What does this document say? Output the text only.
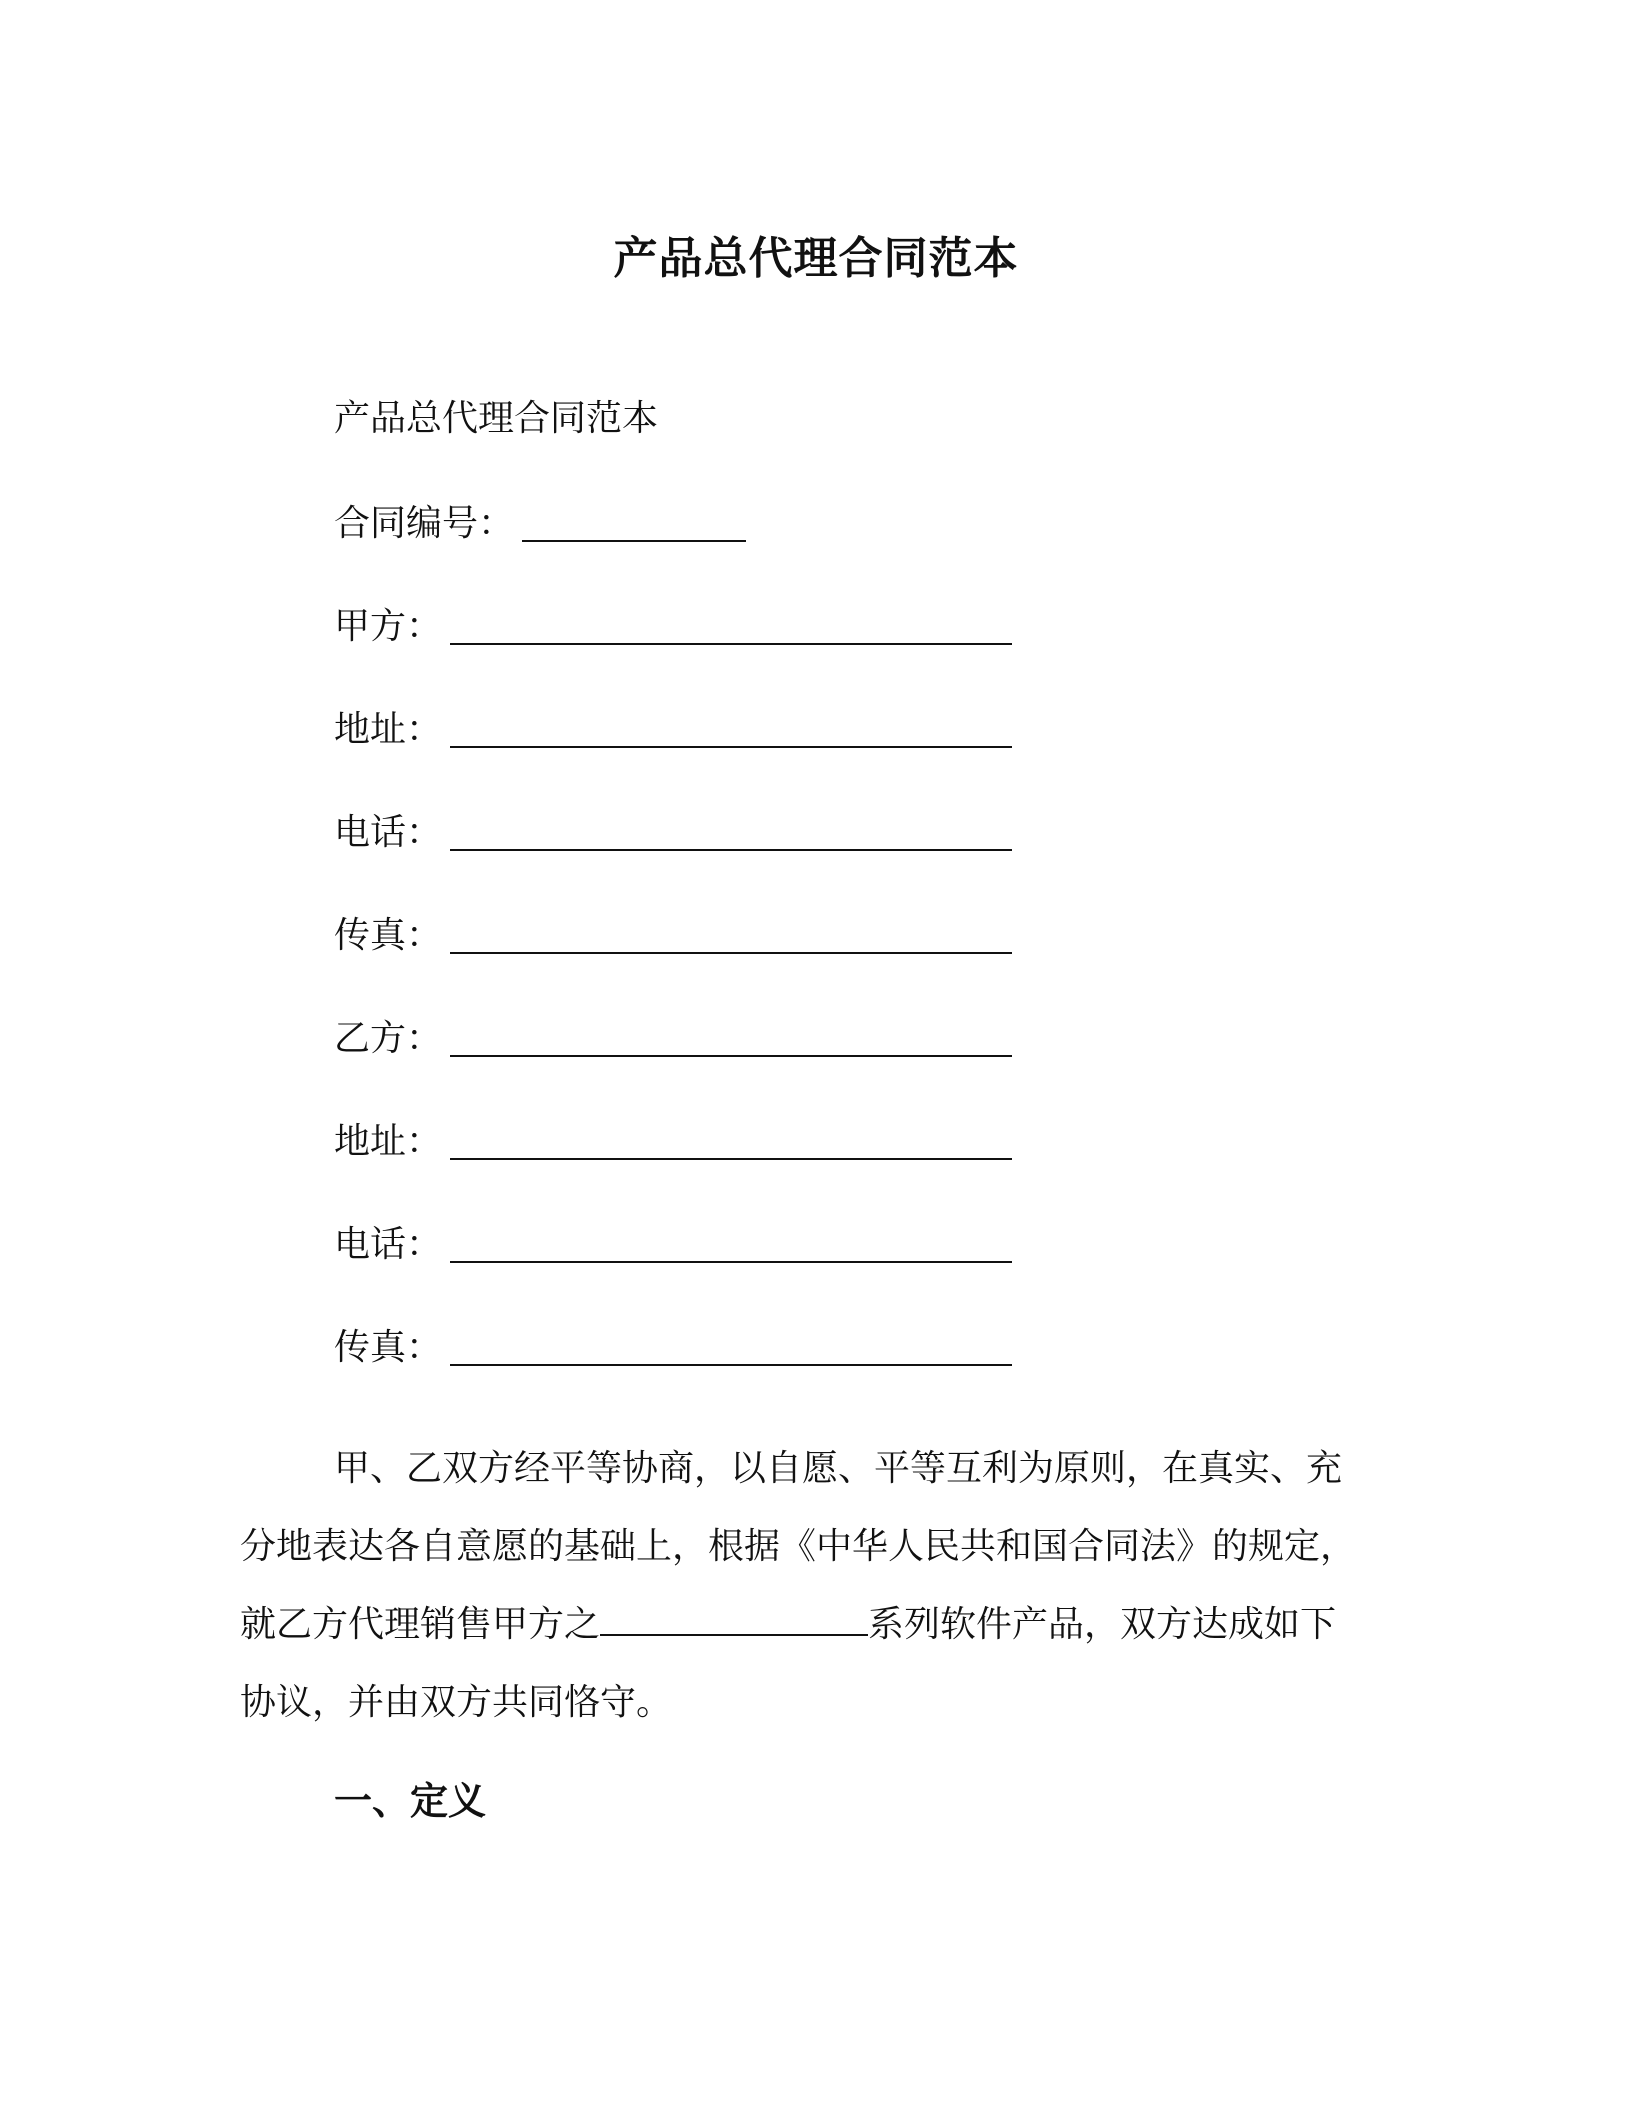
产品总代理合同范本
产品总代理合同范本
合同编号：
甲方：
地址：
电话：
传真：
乙方：
地址：
电话：
传真：
甲、乙双方经平等协商，以自愿、平等互利为原则，在真实、充
分地表达各自意愿的基础上，根据《中华人民共和国合同法》的规定，
就乙方代理销售甲方之	系列软件产品，双方达成如下
协议，并由双方共同恪守。
一、定义
